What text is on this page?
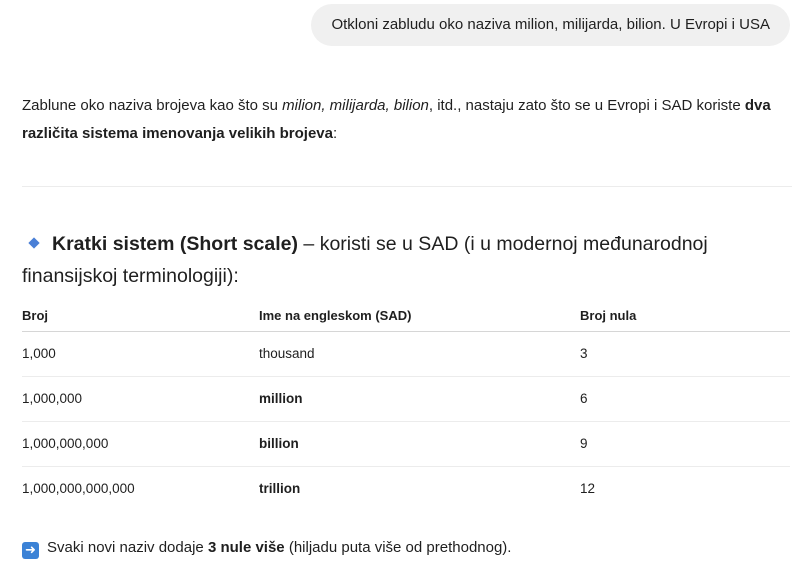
Otkloni zabludu oko naziva milion, milijarda, bilion. U Evropi i USA
Zablune oko naziva brojeva kao što su milion, milijarda, bilion, itd., nastaju zato što se u Evropi i SAD koriste dva različita sistema imenovanja velikih brojeva:
Kratki sistem (Short scale) – koristi se u SAD (i u modernoj međunarodnoj finansijskoj terminologiji):
Broj	Ime na engleskom (SAD)	Broj nula
1,000	thousand	3
1,000,000	million	6
1,000,000,000	billion	9
1,000,000,000,000	trillion	12
➜ Svaki novi naziv dodaje 3 nule više (hiljadu puta više od prethodnog).
